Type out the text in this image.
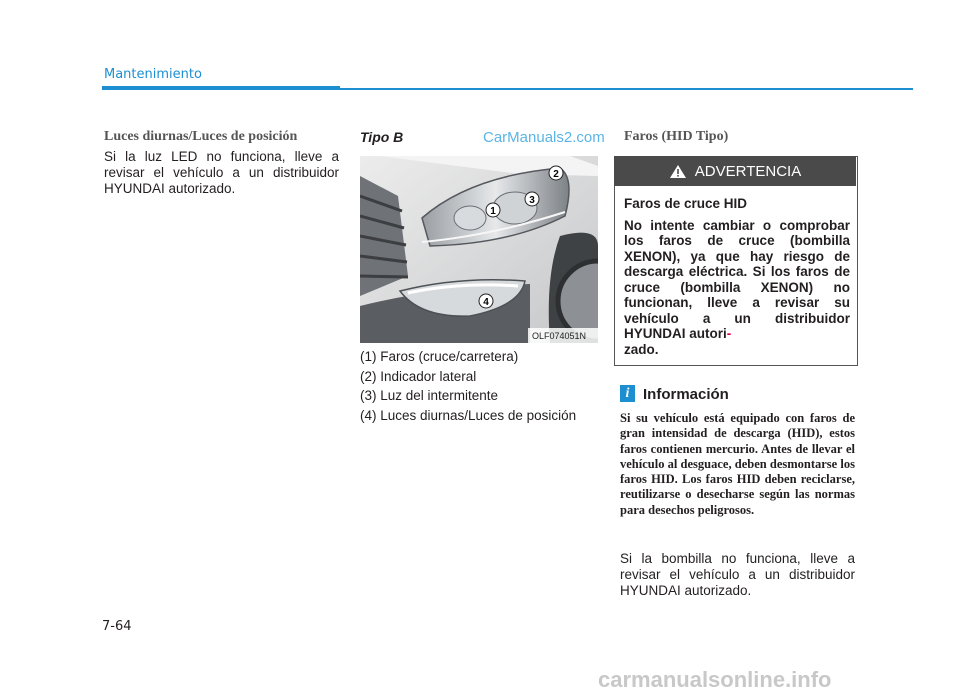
Mantenimiento
Luces diurnas/Luces de posición
Si la luz LED no funciona, lleve a revisar el vehículo a un distribuidor HYUNDAI autorizado.
Tipo B	CarManuals2.com
1
2
3
4
OLF074051N
(1) Faros (cruce/carretera)
(2) Indicador lateral
(3) Luz del intermitente
(4) Luces diurnas/Luces de posición
Faros (HID Tipo)
ADVERTENCIA
Faros de cruce HID
No intente cambiar o comprobar los faros de cruce (bombilla XENON), ya que hay riesgo de descarga eléctrica. Si los faros de cruce (bombilla XENON) no funcionan, lleve a revisar su vehículo a un distribuidor HYUNDAI autori-
zado.
i Información
Si su vehículo está equipado con faros de gran intensidad de descarga (HID), estos faros contienen mercurio. Antes de llevar el vehículo al desguace, deben desmontarse los faros HID. Los faros HID deben reciclarse, reutilizarse o desecharse según las normas para desechos peligrosos.
Si la bombilla no funciona, lleve a revisar el vehículo a un distribuidor HYUNDAI autorizado.
7-64
carmanualsonline.info
